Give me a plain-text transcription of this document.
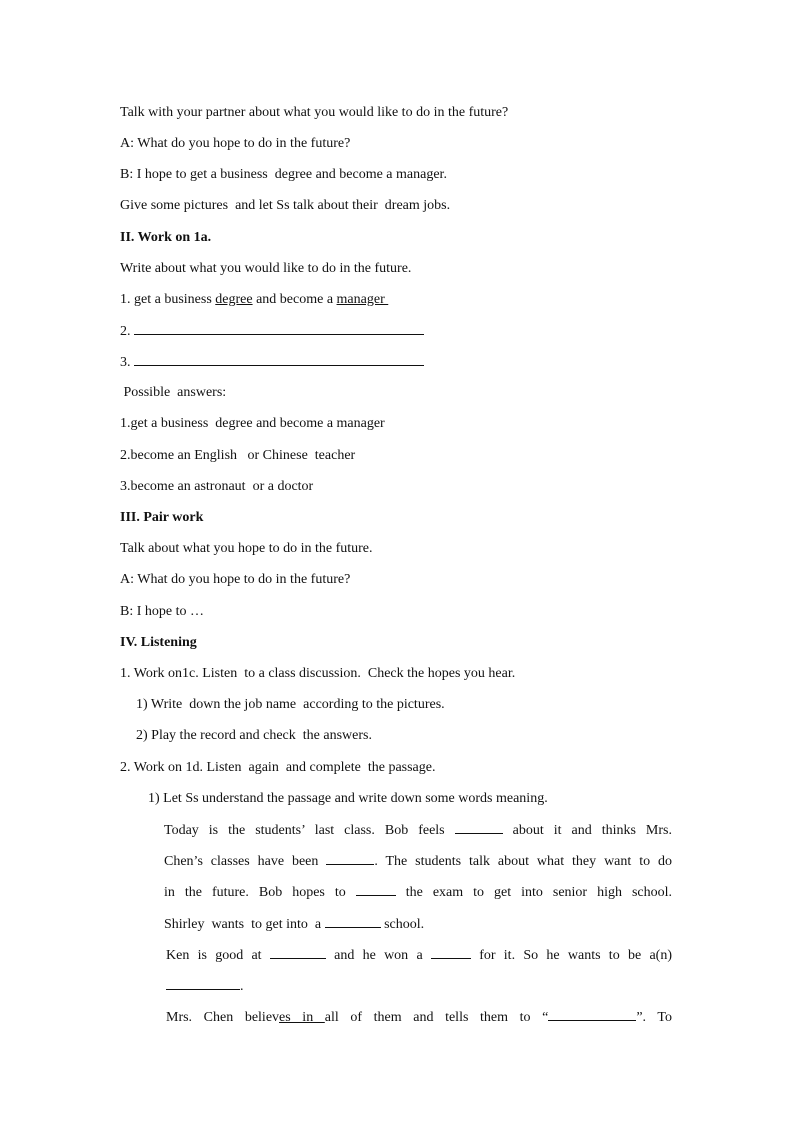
Talk with your partner about what you would like to do in the future?
A: What do you hope to do in the future?
B: I hope to get a business  degree and become a manager.
Give some pictures  and let Ss talk about their  dream jobs.
II. Work on 1a.
Write about what you would like to do in the future.
1. get a business degree and become a manager
2.
3.
Possible  answers:
1.get a business  degree and become a manager
2.become an English   or Chinese  teacher
3.become an astronaut  or a doctor
III. Pair work
Talk about what you hope to do in the future.
A: What do you hope to do in the future?
B: I hope to …
IV. Listening
1. Work on1c. Listen  to a class discussion.  Check the hopes you hear.
1) Write  down the job name  according to the pictures.
2) Play the record and check  the answers.
2. Work on 1d. Listen  again  and complete  the passage.
1) Let Ss understand the passage and write down some words meaning.
Today is the students’ last class. Bob feels	about it and thinks Mrs.
Chen’s classes have been	. The students talk about what they want to do
in the future. Bob hopes to	the exam to get into senior high school.
Shirley  wants  to get into  a	school.
Ken is good at	and he won a	for it. So he wants to be a(n)
.
Mrs. Chen believes in all of them and tells them to “	”. To
